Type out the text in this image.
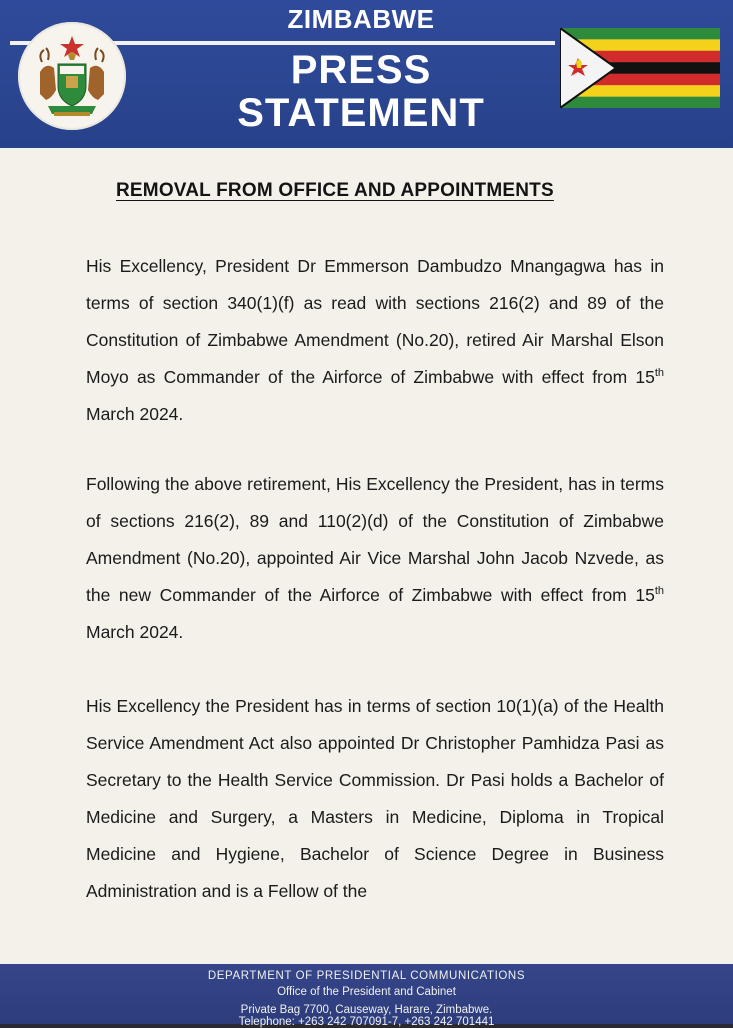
ZIMBABWE
PRESS
STATEMENT
REMOVAL FROM OFFICE AND APPOINTMENTS
His Excellency, President Dr Emmerson Dambudzo Mnangagwa has in terms of section 340(1)(f) as read with sections 216(2) and 89 of the Constitution of Zimbabwe Amendment (No.20), retired Air Marshal Elson Moyo as Commander of the Airforce of Zimbabwe with effect from 15th March 2024.
Following the above retirement, His Excellency the President, has in terms of sections 216(2), 89 and 110(2)(d) of the Constitution of Zimbabwe Amendment (No.20), appointed Air Vice Marshal John Jacob Nzvede, as the new Commander of the Airforce of Zimbabwe with effect from 15th March 2024.
His Excellency the President has in terms of section 10(1)(a) of the Health Service Amendment Act also appointed Dr Christopher Pamhidza Pasi as Secretary to the Health Service Commission. Dr Pasi holds a Bachelor of Medicine and Surgery, a Masters in Medicine, Diploma in Tropical Medicine and Hygiene, Bachelor of Science Degree in Business Administration and is a Fellow of the
DEPARTMENT OF PRESIDENTIAL COMMUNICATIONS
Office of the President and Cabinet
Private Bag 7700, Causeway, Harare, Zimbabwe.
Telephone: +263 242 707091-7, +263 242 701441
